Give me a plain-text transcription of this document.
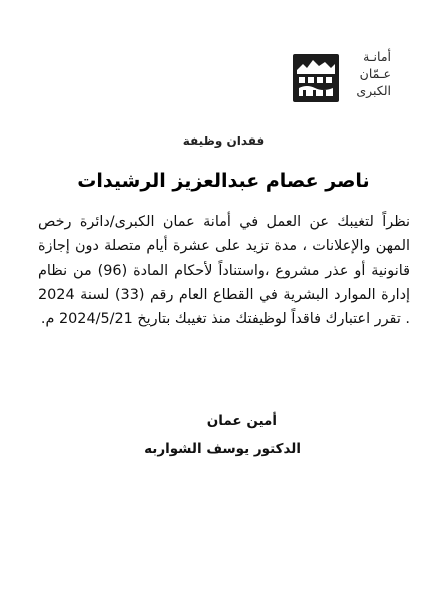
أمانـة
عـمّان
الكبرى
فقدان وظيفة
ناصر عصام عبدالعزيز الرشيدات
نظراً لتغيبك عن العمل في أمانة عمان الكبرى/دائرة رخص المهن والإعلانات ، مدة تزيد على عشرة أيام متصلة دون إجازة قانونية أو عذر مشروع ،واستناداً لأحكام المادة (96) من نظام إدارة الموارد البشرية في القطاع العام رقم (33) لسنة 2024 . تقرر اعتبارك فاقداً لوظيفتك منذ تغيبك بتاريخ 2024/5/21 م.
أمين عمان
الدكتور يوسف الشواربه
